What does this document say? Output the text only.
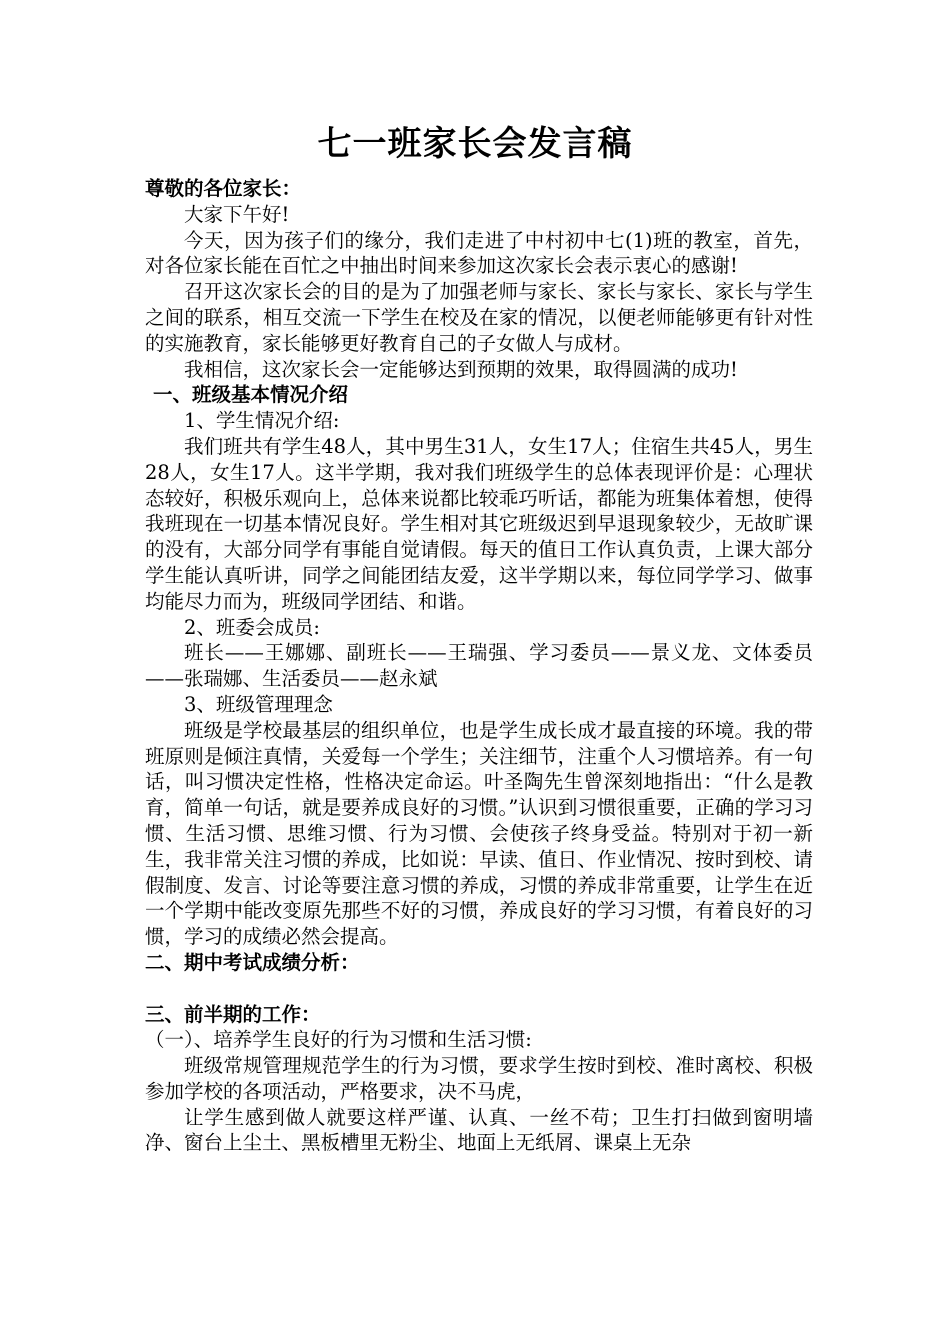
七一班家长会发言稿

尊敬的各位家长：

大家下午好!

今天，因为孩子们的缘分，我们走进了中村初中七(1)班的教室，首先，对各位家长能在百忙之中抽出时间来参加这次家长会表示衷心的感谢!

召开这次家长会的目的是为了加强老师与家长、家长与家长、家长与学生之间的联系，相互交流一下学生在校及在家的情况，以便老师能够更有针对性的实施教育，家长能够更好教育自己的子女做人与成材。

我相信，这次家长会一定能够达到预期的效果，取得圆满的成功!

一、班级基本情况介绍

1、学生情况介绍:

我们班共有学生48人，其中男生31人，女生17人；住宿生共45人，男生28人，女生17人。这半学期，我对我们班级学生的总体表现评价是：心理状态较好，积极乐观向上，总体来说都比较乖巧听话，都能为班集体着想，使得我班现在一切基本情况良好。学生相对其它班级迟到早退现象较少，无故旷课的没有，大部分同学有事能自觉请假。每天的值日工作认真负责，上课大部分学生能认真听讲，同学之间能团结友爱，这半学期以来，每位同学学习、做事均能尽力而为，班级同学团结、和谐。

2、班委会成员:

班长——王娜娜、副班长——王瑞强、学习委员——景义龙、文体委员——张瑞娜、生活委员——赵永斌

3、班级管理理念

班级是学校最基层的组织单位，也是学生成长成才最直接的环境。我的带班原则是倾注真情，关爱每一个学生；关注细节，注重个人习惯培养。有一句话，叫习惯决定性格，性格决定命运。叶圣陶先生曾深刻地指出：“什么是教育，简单一句话，就是要养成良好的习惯。”认识到习惯很重要，正确的学习习惯、生活习惯、思维习惯、行为习惯、会使孩子终身受益。特别对于初一新生，我非常关注习惯的养成，比如说：早读、值日、作业情况、按时到校、请假制度、发言、讨论等要注意习惯的养成，习惯的养成非常重要，让学生在近一个学期中能改变原先那些不好的习惯，养成良好的学习习惯，有着良好的习惯，学习的成绩必然会提高。

二、期中考试成绩分析：

三、前半期的工作：

（一）、培养学生良好的行为习惯和生活习惯:

班级常规管理规范学生的行为习惯，要求学生按时到校、准时离校、积极参加学校的各项活动，严格要求，决不马虎，

让学生感到做人就要这样严谨、认真、一丝不苟；卫生打扫做到窗明墙净、窗台上尘土、黑板槽里无粉尘、地面上无纸屑、课桌上无杂
